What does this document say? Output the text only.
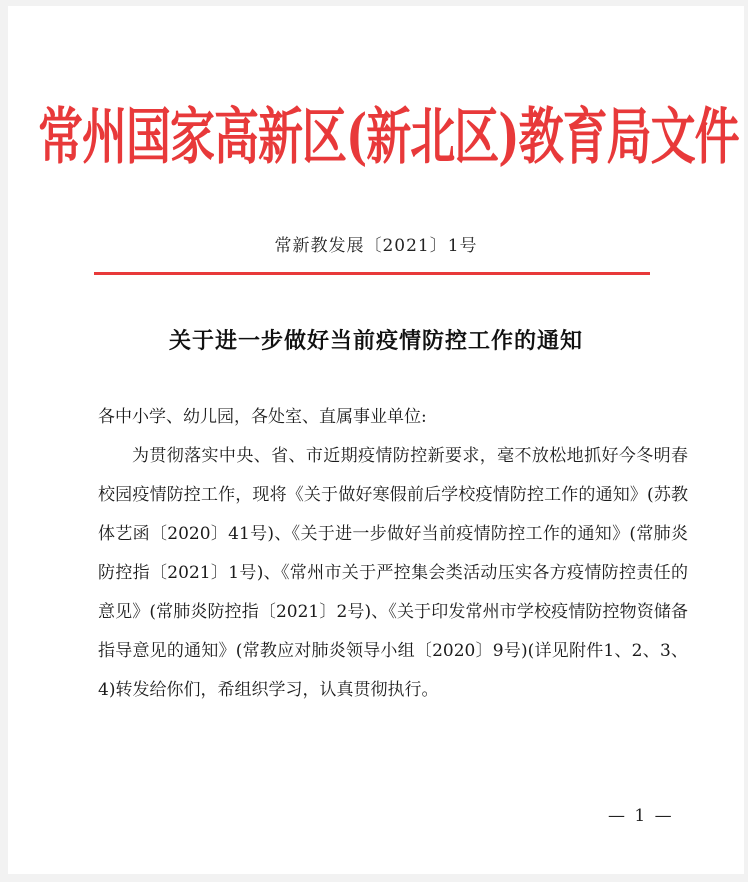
常州国家高新区(新北区)教育局文件
常新教发展〔2021〕1号
关于进一步做好当前疫情防控工作的通知
各中小学、幼儿园，各处室、直属事业单位:
为贯彻落实中央、省、市近期疫情防控新要求，毫不放松地抓好今冬明春校园疫情防控工作，现将《关于做好寒假前后学校疫情防控工作的通知》(苏教体艺函〔2020〕41号)、《关于进一步做好当前疫情防控工作的通知》(常肺炎防控指〔2021〕1号)、《常州市关于严控集会类活动压实各方疫情防控责任的意见》(常肺炎防控指〔2021〕2号)、《关于印发常州市学校疫情防控物资储备指导意见的通知》(常教应对肺炎领导小组〔2020〕9号)(详见附件1、2、3、4)转发给你们，希组织学习，认真贯彻执行。
— 1 —
